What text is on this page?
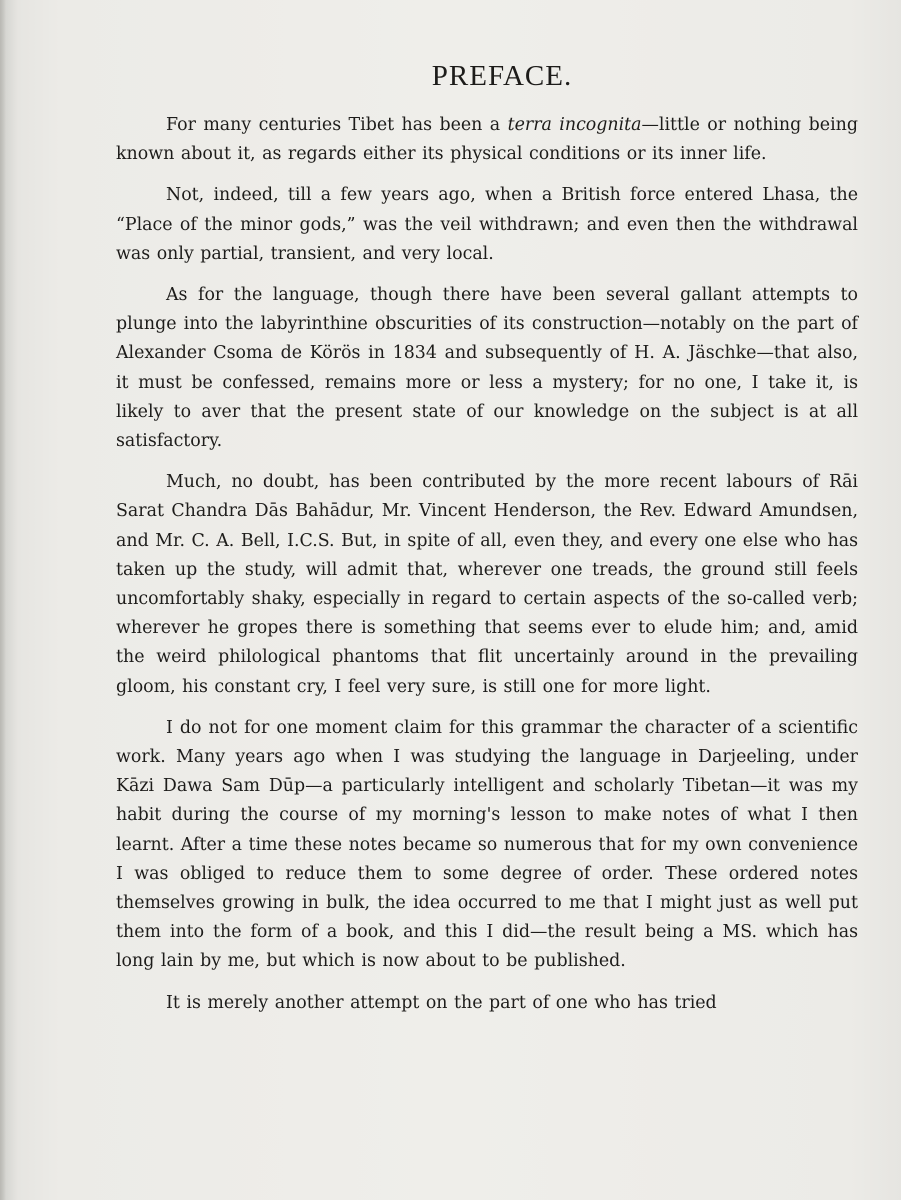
PREFACE.

For many centuries Tibet has been a terra incognita—little or nothing being known about it, as regards either its physical conditions or its inner life.

Not, indeed, till a few years ago, when a British force entered Lhasa, the “Place of the minor gods,” was the veil withdrawn; and even then the withdrawal was only partial, transient, and very local.

As for the language, though there have been several gallant attempts to plunge into the labyrinthine obscurities of its construction—notably on the part of Alexander Csoma de Körös in 1834 and subsequently of H. A. Jäschke—that also, it must be confessed, remains more or less a mystery; for no one, I take it, is likely to aver that the present state of our knowledge on the subject is at all satisfactory.

Much, no doubt, has been contributed by the more recent labours of Rāi Sarat Chandra Dās Bahādur, Mr. Vincent Henderson, the Rev. Edward Amundsen, and Mr. C. A. Bell, I.C.S. But, in spite of all, even they, and every one else who has taken up the study, will admit that, wherever one treads, the ground still feels uncomfortably shaky, especially in regard to certain aspects of the so-called verb; wherever he gropes there is something that seems ever to elude him; and, amid the weird philological phantoms that flit uncertainly around in the prevailing gloom, his constant cry, I feel very sure, is still one for more light.

I do not for one moment claim for this grammar the character of a scientific work. Many years ago when I was studying the language in Darjeeling, under Kāzi Dawa Sam Dūp—a particularly intelligent and scholarly Tibetan—it was my habit during the course of my morning's lesson to make notes of what I then learnt. After a time these notes became so numerous that for my own convenience I was obliged to reduce them to some degree of order. These ordered notes themselves growing in bulk, the idea occurred to me that I might just as well put them into the form of a book, and this I did—the result being a MS. which has long lain by me, but which is now about to be published.

It is merely another attempt on the part of one who has tried
